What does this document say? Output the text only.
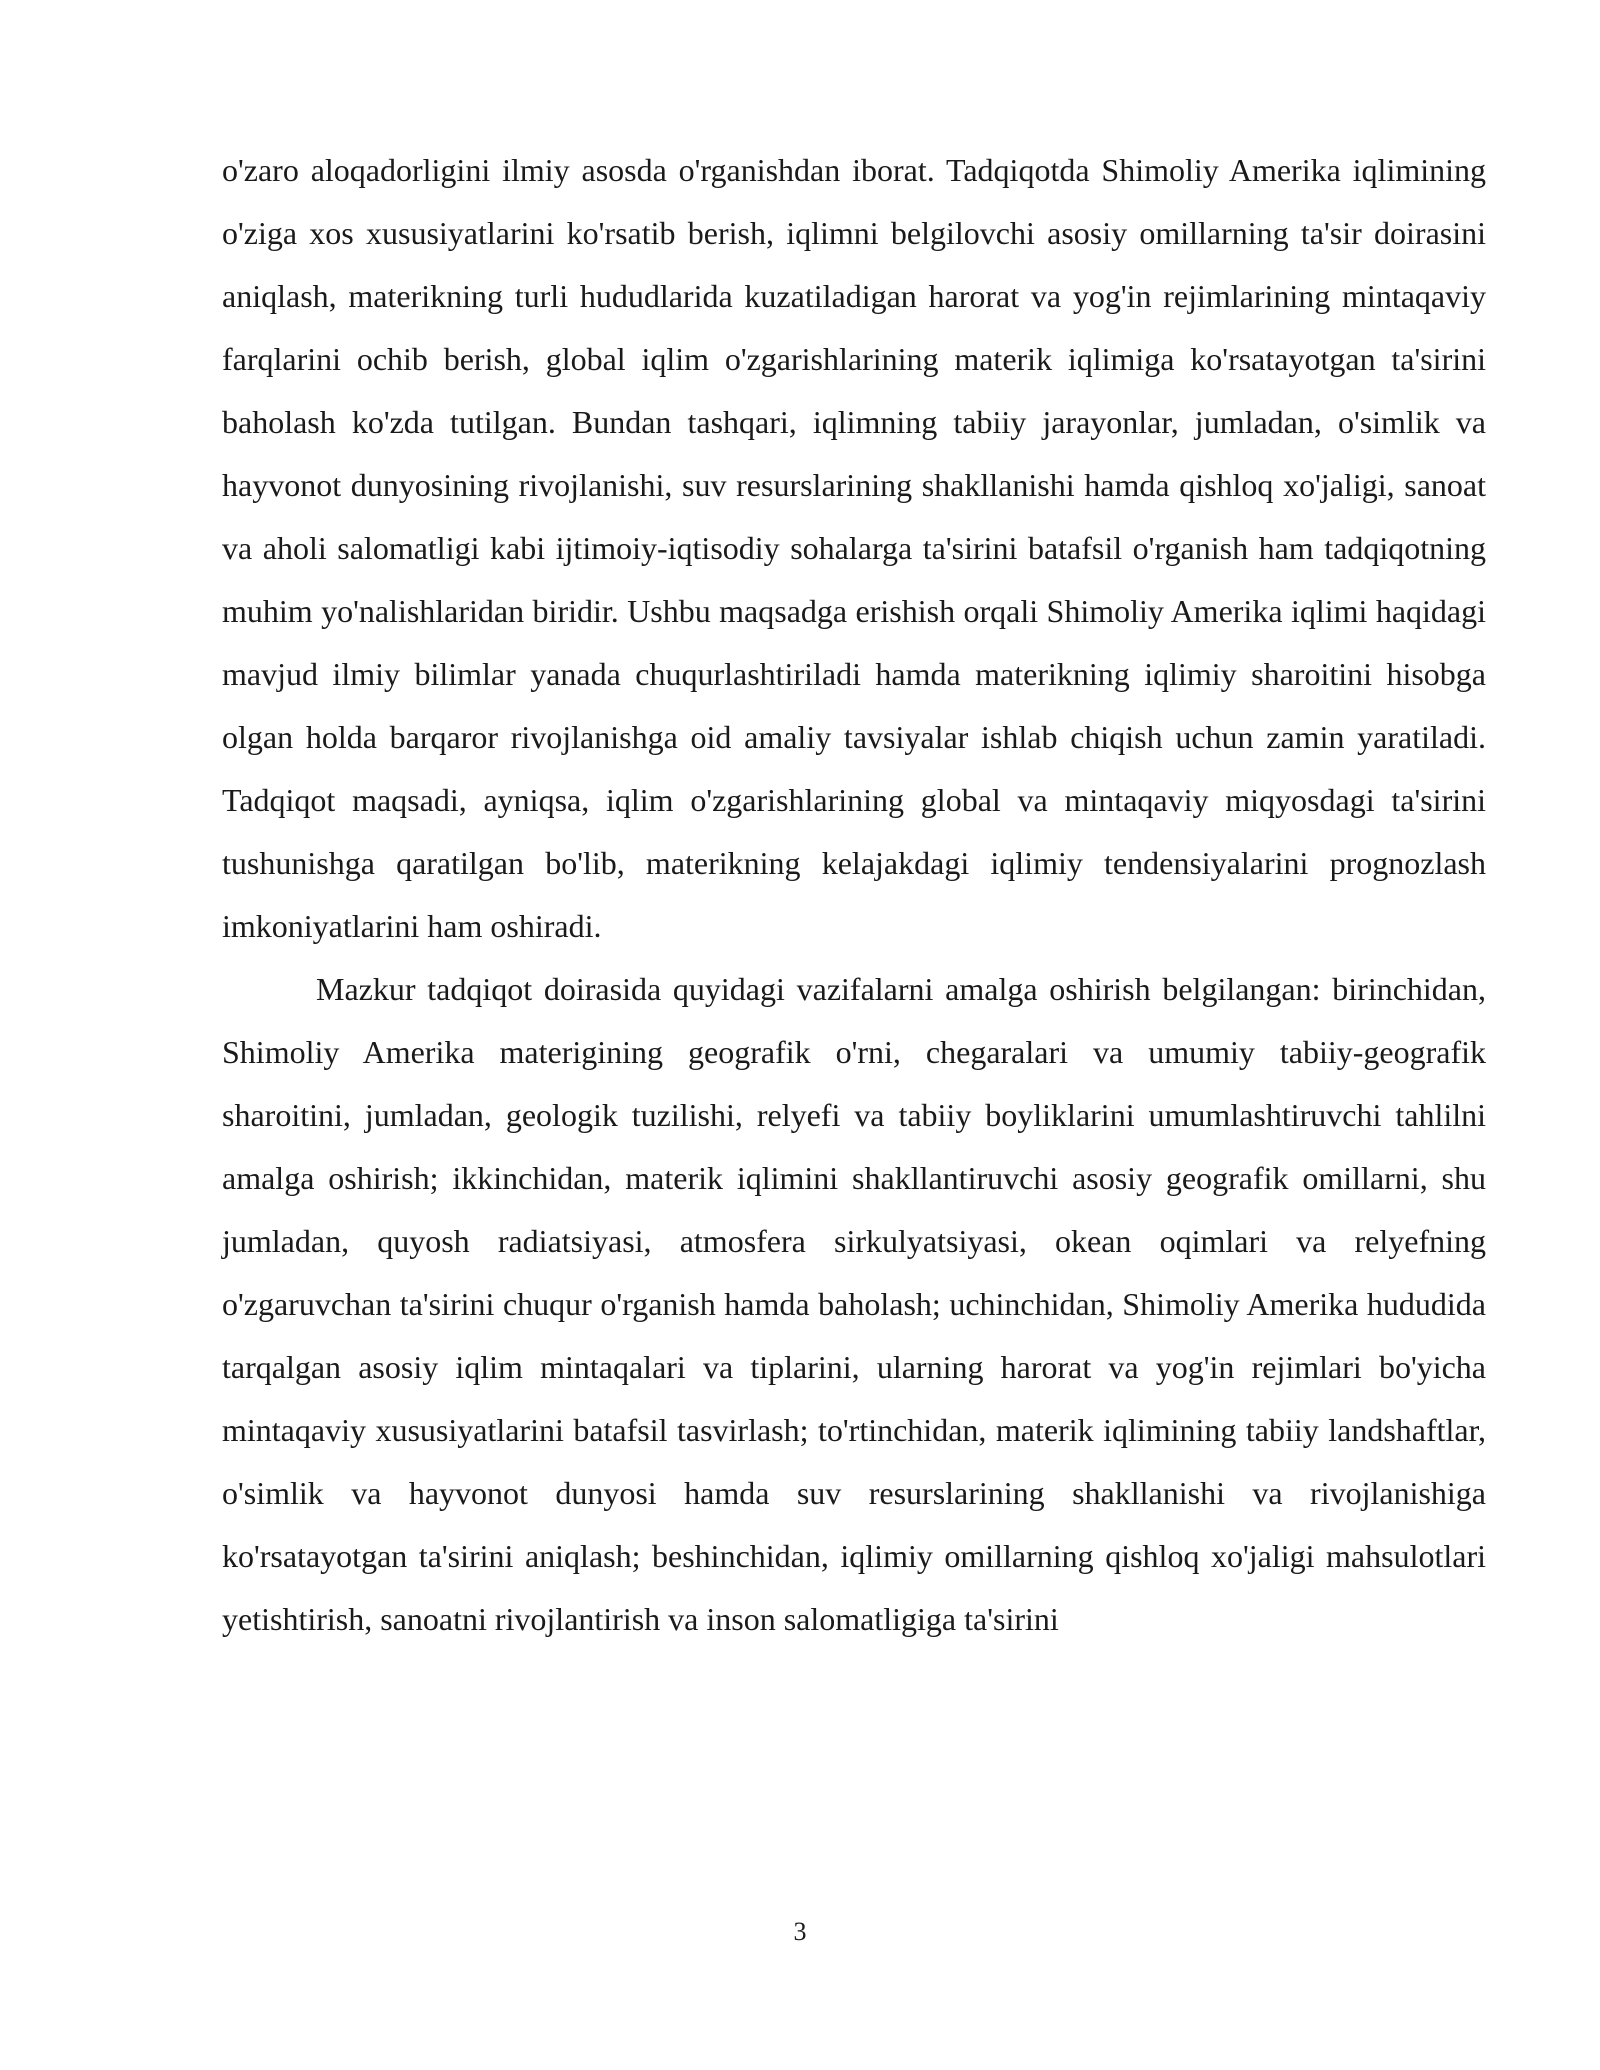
o'zaro aloqadorligini ilmiy asosda o'rganishdan iborat. Tadqiqotda Shimoliy Amerika iqlimining o'ziga xos xususiyatlarini ko'rsatib berish, iqlimni belgilovchi asosiy omillarning ta'sir doirasini aniqlash, materikning turli hududlarida kuzatiladigan harorat va yog'in rejimlarining mintaqaviy farqlarini ochib berish, global iqlim o'zgarishlarining materik iqlimiga ko'rsatayotgan ta'sirini baholash ko'zda tutilgan. Bundan tashqari, iqlimning tabiiy jarayonlar, jumladan, o'simlik va hayvonot dunyosining rivojlanishi, suv resurslarining shakllanishi hamda qishloq xo'jaligi, sanoat va aholi salomatligi kabi ijtimoiy-iqtisodiy sohalarga ta'sirini batafsil o'rganish ham tadqiqotning muhim yo'nalishlaridan biridir. Ushbu maqsadga erishish orqali Shimoliy Amerika iqlimi haqidagi mavjud ilmiy bilimlar yanada chuqurlashtiriladi hamda materikning iqlimiy sharoitini hisobga olgan holda barqaror rivojlanishga oid amaliy tavsiyalar ishlab chiqish uchun zamin yaratiladi. Tadqiqot maqsadi, ayniqsa, iqlim o'zgarishlarining global va mintaqaviy miqyosdagi ta'sirini tushunishga qaratilgan bo'lib, materikning kelajakdagi iqlimiy tendensiyalarini prognozlash imkoniyatlarini ham oshiradi.

Mazkur tadqiqot doirasida quyidagi vazifalarni amalga oshirish belgilangan: birinchidan, Shimoliy Amerika materigining geografik o'rni, chegaralari va umumiy tabiiy-geografik sharoitini, jumladan, geologik tuzilishi, relyefi va tabiiy boyliklarini umumlashtiruvchi tahlilni amalga oshirish; ikkinchidan, materik iqlimini shakllantiruvchi asosiy geografik omillarni, shu jumladan, quyosh radiatsiyasi, atmosfera sirkulyatsiyasi, okean oqimlari va relyefning o'zgaruvchan ta'sirini chuqur o'rganish hamda baholash; uchinchidan, Shimoliy Amerika hududida tarqalgan asosiy iqlim mintaqalari va tiplarini, ularning harorat va yog'in rejimlari bo'yicha mintaqaviy xususiyatlarini batafsil tasvirlash; to'rtinchidan, materik iqlimining tabiiy landshaftlar, o'simlik va hayvonot dunyosi hamda suv resurslarining shakllanishi va rivojlanishiga ko'rsatayotgan ta'sirini aniqlash; beshinchidan, iqlimiy omillarning qishloq xo'jaligi mahsulotlari yetishtirish, sanoatni rivojlantirish va inson salomatligiga ta'sirini

3
